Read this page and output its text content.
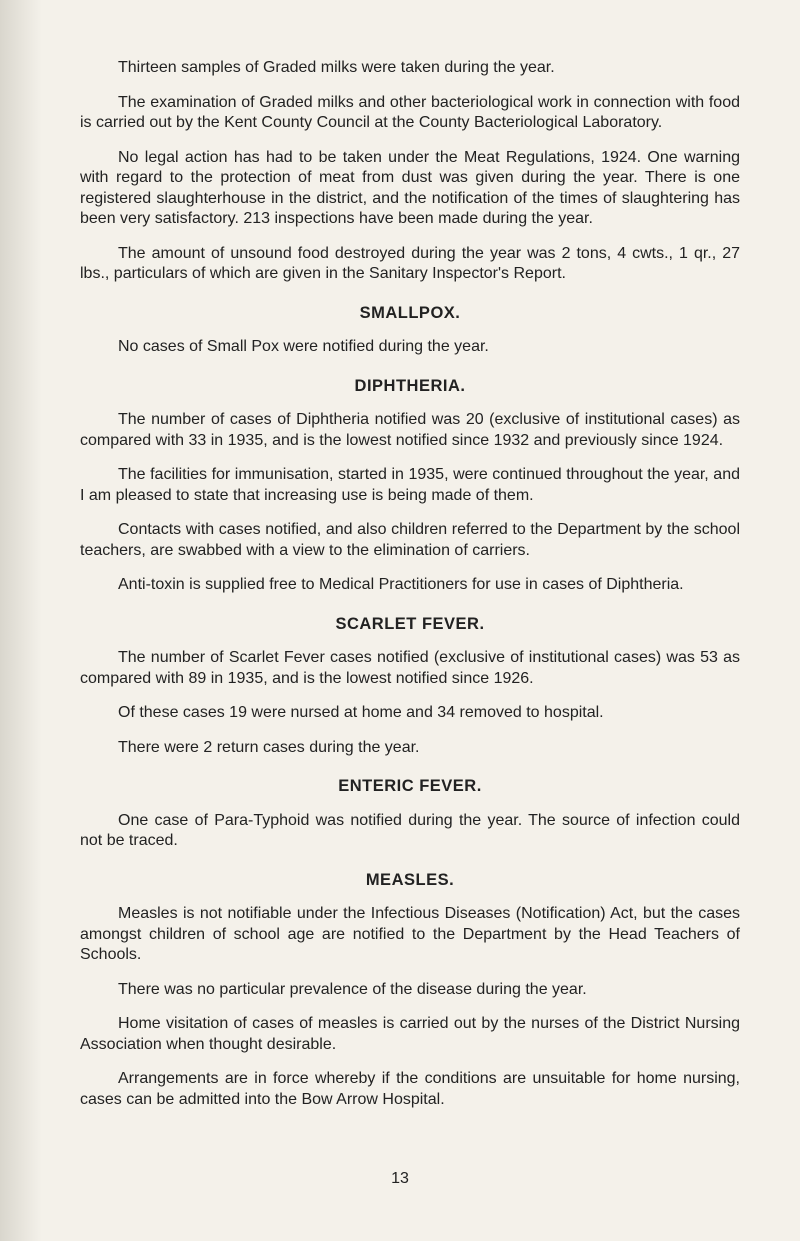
Thirteen samples of Graded milks were taken during the year.

The examination of Graded milks and other bacteriological work in connection with food is carried out by the Kent County Council at the County Bacteriological Laboratory.

No legal action has had to be taken under the Meat Regulations, 1924. One warning with regard to the protection of meat from dust was given during the year. There is one registered slaughterhouse in the district, and the notification of the times of slaughtering has been very satisfactory. 213 inspections have been made during the year.

The amount of unsound food destroyed during the year was 2 tons, 4 cwts., 1 qr., 27 lbs., particulars of which are given in the Sanitary Inspector's Report.

SMALLPOX.

No cases of Small Pox were notified during the year.

DIPHTHERIA.

The number of cases of Diphtheria notified was 20 (exclusive of institutional cases) as compared with 33 in 1935, and is the lowest notified since 1932 and previously since 1924.

The facilities for immunisation, started in 1935, were continued throughout the year, and I am pleased to state that increasing use is being made of them.

Contacts with cases notified, and also children referred to the Department by the school teachers, are swabbed with a view to the elimination of carriers.

Anti-toxin is supplied free to Medical Practitioners for use in cases of Diphtheria.

SCARLET FEVER.

The number of Scarlet Fever cases notified (exclusive of institutional cases) was 53 as compared with 89 in 1935, and is the lowest notified since 1926.

Of these cases 19 were nursed at home and 34 removed to hospital.

There were 2 return cases during the year.

ENTERIC FEVER.

One case of Para-Typhoid was notified during the year. The source of infection could not be traced.

MEASLES.

Measles is not notifiable under the Infectious Diseases (Notification) Act, but the cases amongst children of school age are notified to the Department by the Head Teachers of Schools.

There was no particular prevalence of the disease during the year.

Home visitation of cases of measles is carried out by the nurses of the District Nursing Association when thought desirable.

Arrangements are in force whereby if the conditions are unsuitable for home nursing, cases can be admitted into the Bow Arrow Hospital.

13
